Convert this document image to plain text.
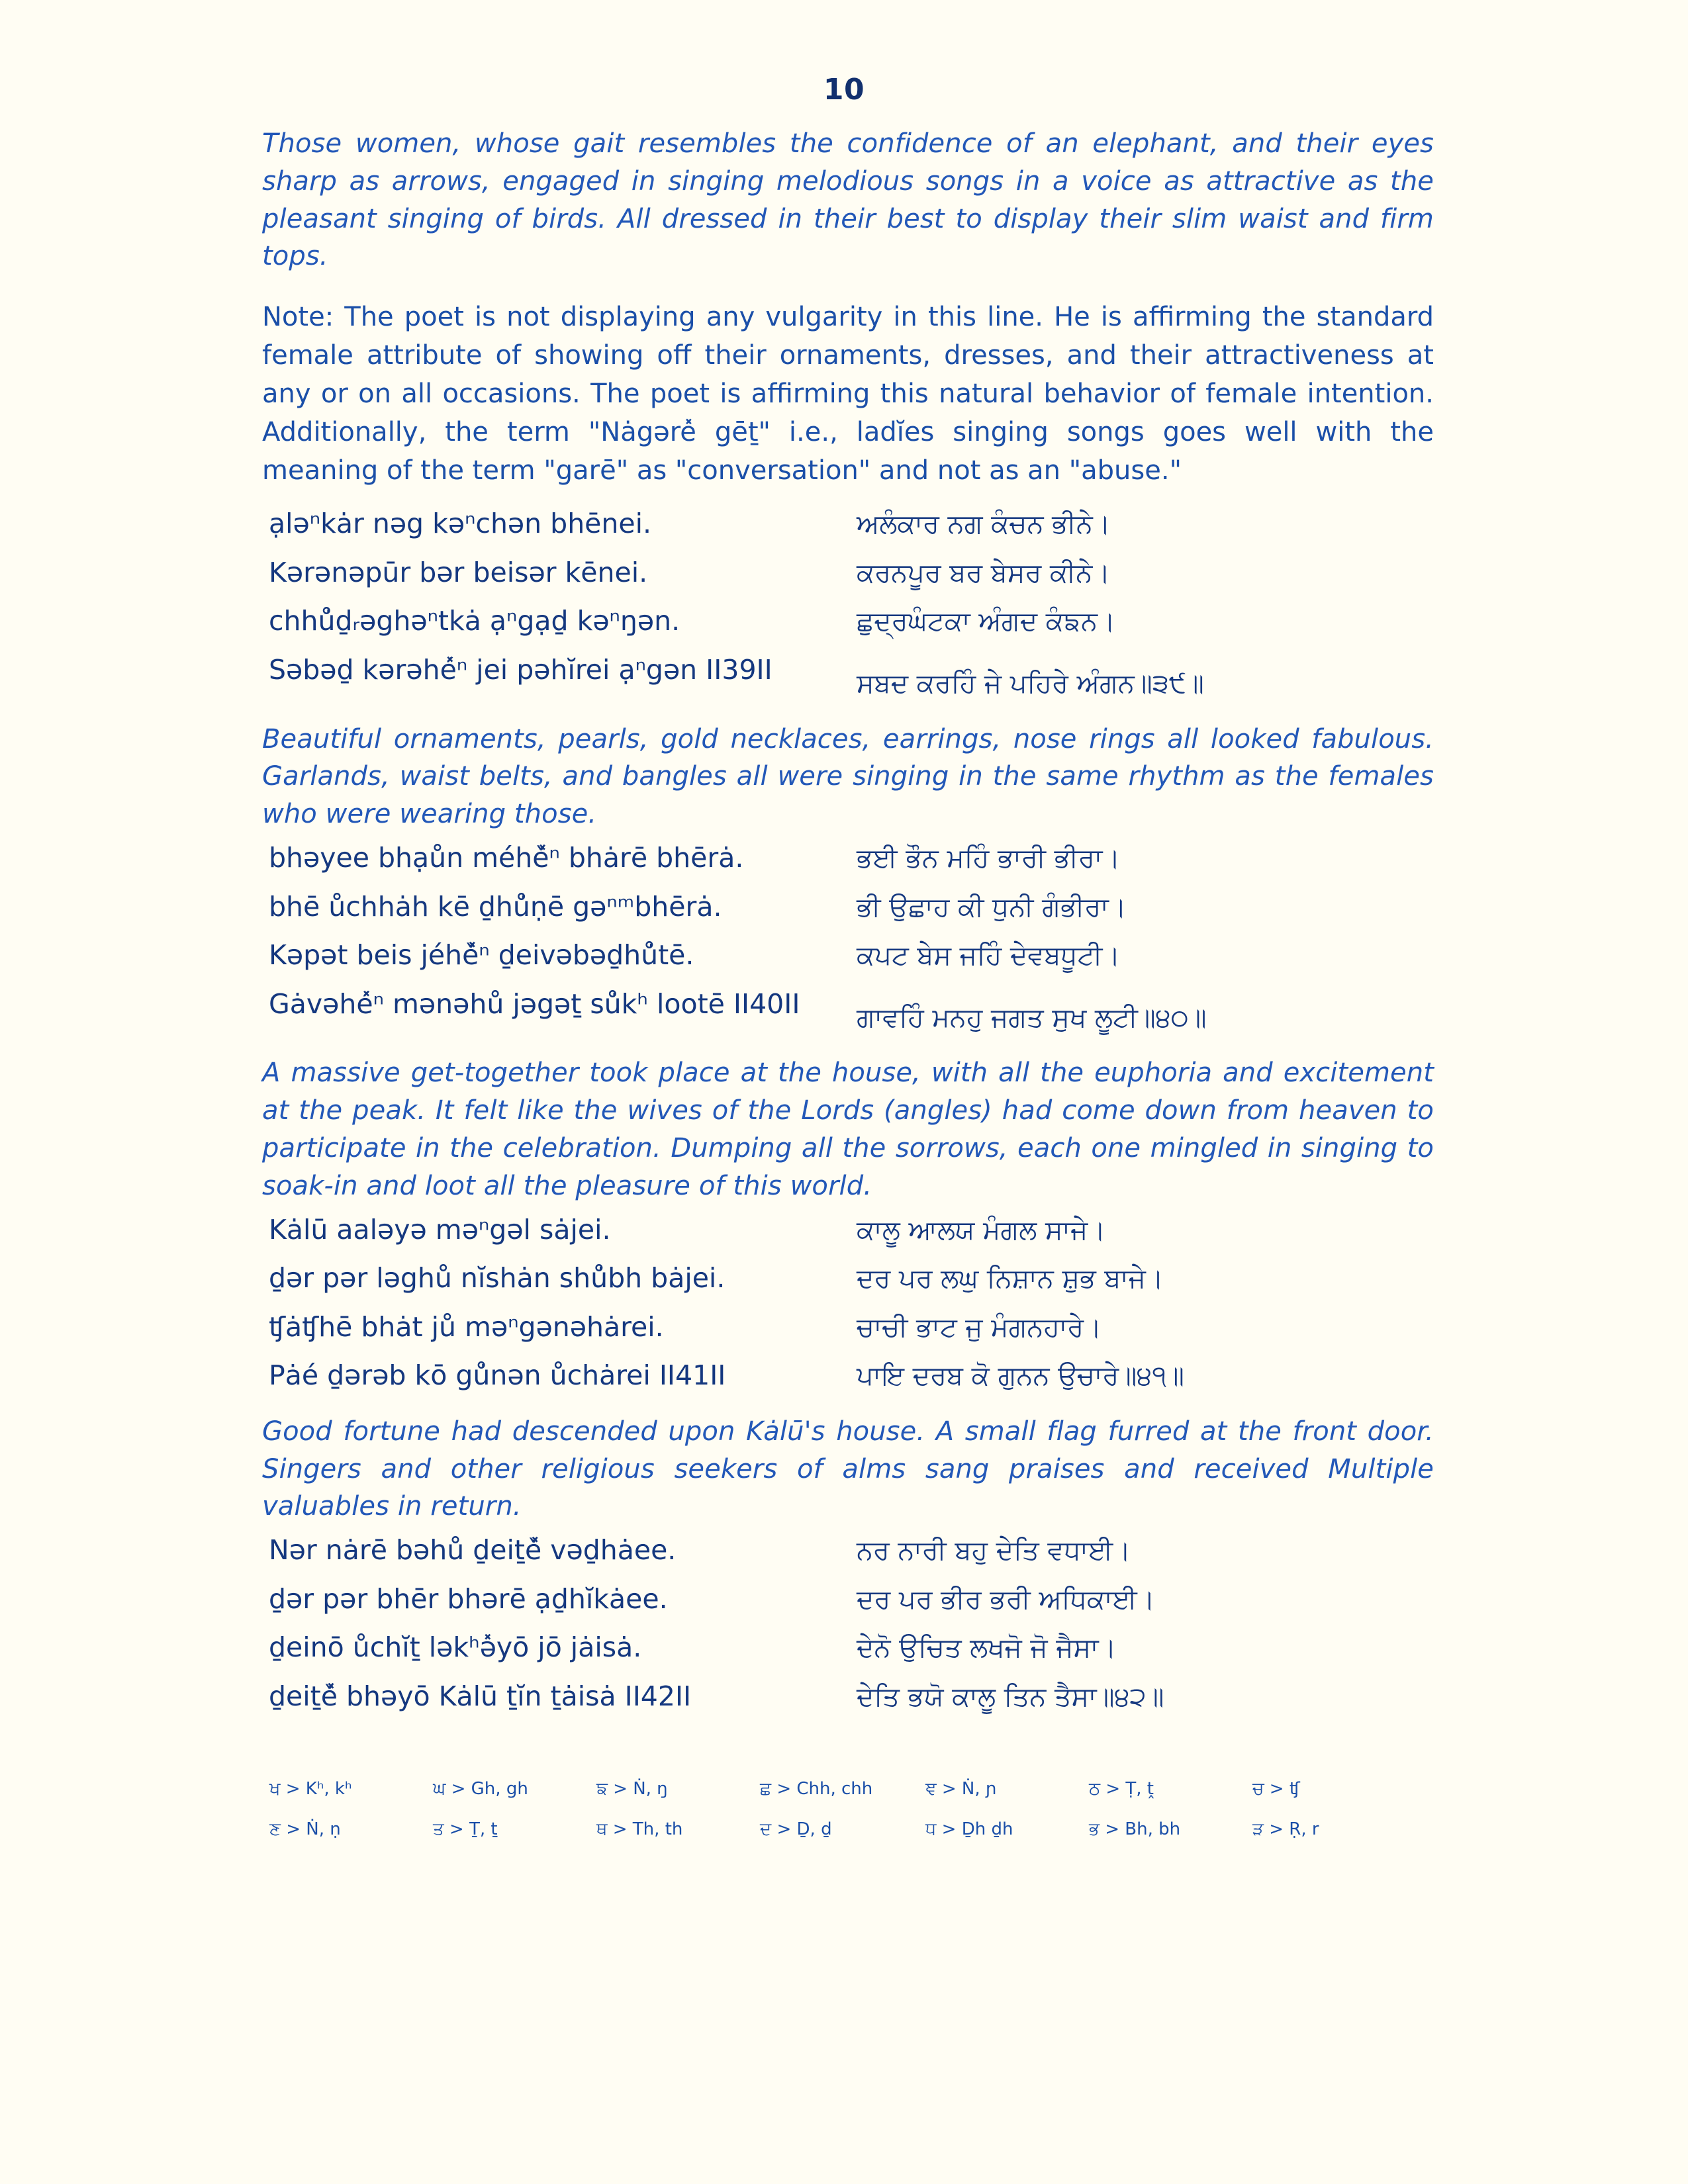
10

Those women, whose gait resembles the confidence of an elephant, and their eyes sharp as arrows, engaged in singing melodious songs in a voice as attractive as the pleasant singing of birds. All dressed in their best to display their slim waist and firm tops.

Note: The poet is not displaying any vulgarity in this line. He is affirming the standard female attribute of showing off their ornaments, dresses, and their attractiveness at any or on all occasions. The poet is affirming this natural behavior of female intention. Additionally, the term "Nȧgəre̽ gēṯ" i.e., ladĭes singing songs goes well with the meaning of the term "garē" as "conversation" and not as an "abuse."

ạləⁿkȧr nəg kəⁿchən bhēnei.	ਅਲੰਕਾਰ ਨਗ ਕੰਚਨ ਭੀਨੇ।
Kərənəpūr bər beisər kēnei.	ਕਰਨਪੂਰ ਬਰ ਬੇਸਰ ਕੀਨੇ।
chhů̇ḏᵣəghəⁿtkȧ ạⁿgạḏ kəⁿŋən.	ਛੁਦ੍ਰਘੰਟਕਾ ਅੰਗਦ ਕੰਙਨ।
Səbəḏ kərəhé̽ⁿ jei pəhĭrei ạⁿgən II39II	ਸਬਦ ਕਰਹਿੰ ਜੇ ਪਹਿਰੇ ਅੰਗਨ॥੩੯॥

Beautiful ornaments, pearls, gold necklaces, earrings, nose rings all looked fabulous. Garlands, waist belts, and bangles all were singing in the same rhythm as the females who were wearing those.

bhəyee bhạůn méhě̽ⁿ bhȧrē bhērȧ.	ਭਈ ਭੌਨ ਮਹਿੰ ਭਾਰੀ ਭੀਰਾ।
bhē ůchhȧh kē ḏhů̇ṇē gəⁿᵐbhērȧ.	ਭੀ ਉਛਾਹ ਕੀ ਧੁਨੀ ਗੰਭੀਰਾ।
Kəpət beis jéhě̽ⁿ ḏeivəbəḏhů̇tē.	ਕਪਟ ਬੇਸ ਜਹਿੰ ਦੇਵਬਧੂਟੀ।
Gȧvəhé̽ⁿ mənəhů jəgəṯ sů̇kʰ lootē II40II	ਗਾਵਹਿੰ ਮਨਹੁ ਜਗਤ ਸੁਖ ਲੂਟੀ॥੪੦॥

A massive get-together took place at the house, with all the euphoria and excitement at the peak. It felt like the wives of the Lords (angles) had come down from heaven to participate in the celebration. Dumping all the sorrows, each one mingled in singing to soak-in and loot all the pleasure of this world.

Kȧlū aaləyə məⁿgəl sȧjei.	ਕਾਲੂ ਆਲਯ ਮੰਗਲ ਸਾਜੇ।
ḏər pər ləghů nĭshȧn shů̇bh bȧjei.	ਦਰ ਪਰ ਲਘੁ ਨਿਸ਼ਾਨ ਸ਼ੁਭ ਬਾਜੇ।
ʧȧʧhē bhȧt jů məⁿgənəhȧrei.	ਚਾਚੀ ਭਾਟ ਜੁ ਮੰਗਨਹਾਰੇ।
Pȧé ḏərəb kō gů̇nən ůchȧrei II41II	ਪਾਇ ਦਰਬ ਕੋ ਗੁਨਨ ਉਚਾਰੇ॥੪੧॥

Good fortune had descended upon Kȧlū's house. A small flag furred at the front door. Singers and other religious seekers of alms sang praises and received Multiple valuables in return.

Nər nȧrē bəhů ḏeiṯě̽ vəḏhȧee.	ਨਰ ਨਾਰੀ ਬਹੁ ਦੇਤਿ ਵਧਾਈ।
ḏər pər bhēr bhərē ạḏhĭkȧee.	ਦਰ ਪਰ ਭੀਰ ਭਰੀ ਅਧਿਕਾਈ।
ḏeinō ůchĭṯ ləkʰə̽yō jō jȧisȧ.	ਦੇਨੋ ਉਚਿਤ ਲਖਜੋ ਜੋ ਜੈਸਾ।
ḏeiṯě̽ bhəyō Kȧlū ṯĭn ṯȧisȧ II42II	ਦੇਤਿ ਭਯੋ ਕਾਲੂ ਤਿਨ ਤੈਸਾ॥੪੨॥
ਖ > Kʰ, kʰ	ਘ > Gh, gh	ਙ > Ṅ, ŋ	ਛ > Chh, chh	ਞ > Ṅ, ɲ	ਠ > Ṭ, ṱ	ਚ > ʧ
ਣ > Ṅ, ṇ	ਤ > Ṯ, ṯ	ਥ > Th, th	ਦ > Ḏ, ḏ	ਧ > Ḏh ḏh	ਭ > Bh, bh	ੜ > Ṛ, r
